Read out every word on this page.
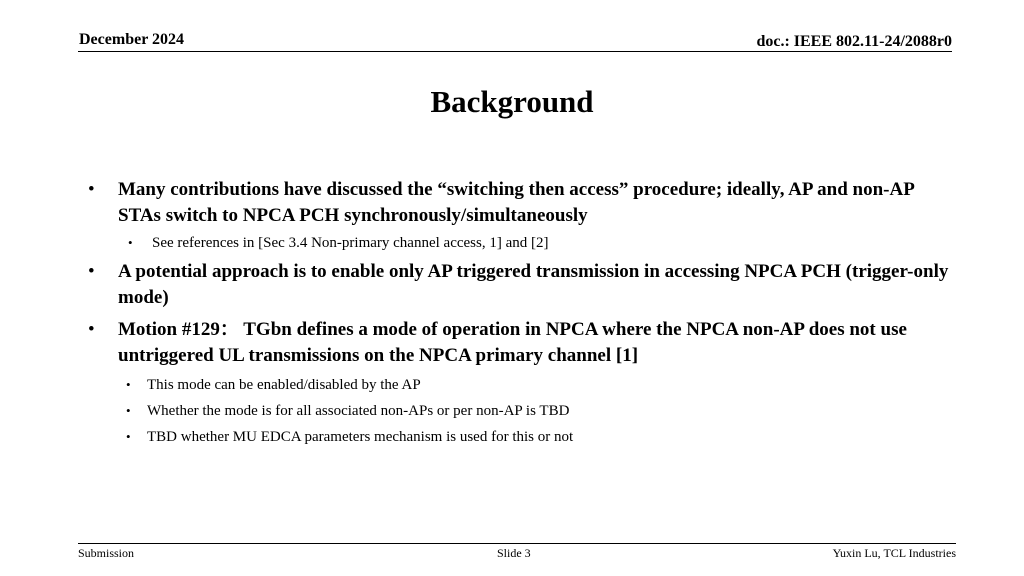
December 2024	doc.: IEEE 802.11-24/2088r0
Background
• Many contributions have discussed the “switching then access” procedure; ideally, AP and non-AP STAs switch to NPCA PCH synchronously/simultaneously
• See references in [Sec 3.4 Non-primary channel access, 1] and [2]
• A potential approach is to enable only AP triggered transmission in accessing NPCA PCH (trigger-only mode)
• Motion #129： TGbn defines a mode of operation in NPCA where the NPCA non-AP does not use untriggered UL transmissions on the NPCA primary channel [1]
• This mode can be enabled/disabled by the AP
• Whether the mode is for all associated non-APs or per non-AP is TBD
• TBD whether MU EDCA parameters mechanism is used for this or not
Submission	Slide 3	Yuxin Lu, TCL Industries
